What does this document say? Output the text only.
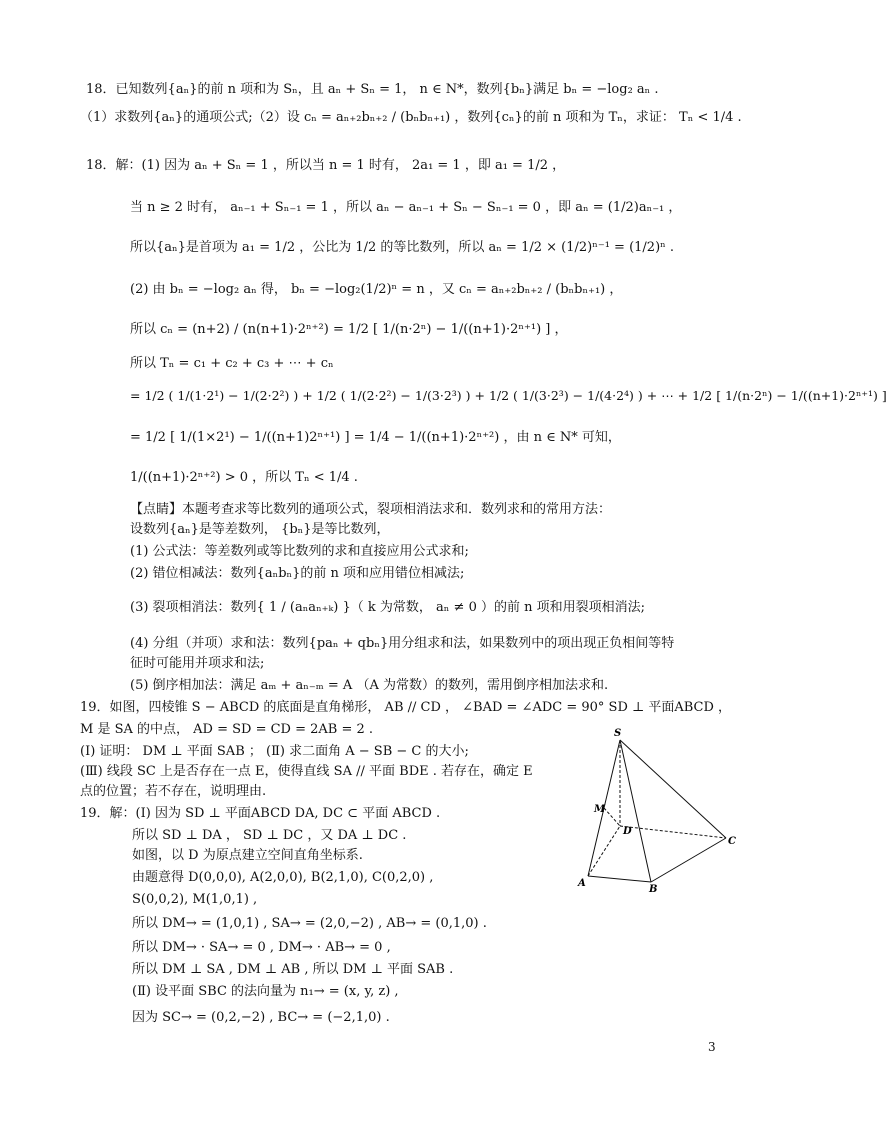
18．已知数列{aₙ}的前 n 项和为 Sₙ，且 aₙ + Sₙ = 1， n ∈ N*，数列{bₙ}满足 bₙ = −log₂ aₙ .
（1）求数列{aₙ}的通项公式;（2）设 cₙ = aₙ₊₂bₙ₊₂ / (bₙbₙ₊₁) ，数列{cₙ}的前 n 项和为 Tₙ，求证： Tₙ < 1/4 .
18．解：(1) 因为 aₙ + Sₙ = 1 ，所以当 n = 1 时有， 2a₁ = 1 ，即 a₁ = 1/2 ，
当 n ≥ 2 时有， aₙ₋₁ + Sₙ₋₁ = 1 ，所以 aₙ − aₙ₋₁ + Sₙ − Sₙ₋₁ = 0 ，即 aₙ = (1/2)aₙ₋₁ ，
所以{aₙ}是首项为 a₁ = 1/2 ，公比为 1/2 的等比数列，所以 aₙ = 1/2 × (1/2)ⁿ⁻¹ = (1/2)ⁿ .
(2) 由 bₙ = −log₂ aₙ 得， bₙ = −log₂(1/2)ⁿ = n ，又 cₙ = aₙ₊₂bₙ₊₂ / (bₙbₙ₊₁) ，
所以 cₙ = (n+2) / (n(n+1)·2ⁿ⁺²) = 1/2 [ 1/(n·2ⁿ) − 1/((n+1)·2ⁿ⁺¹) ] ，
所以 Tₙ = c₁ + c₂ + c₃ + ⋯ + cₙ
= 1/2 ( 1/(1·2¹) − 1/(2·2²) ) + 1/2 ( 1/(2·2²) − 1/(3·2³) ) + 1/2 ( 1/(3·2³) − 1/(4·2⁴) ) + ⋯ + 1/2 [ 1/(n·2ⁿ) − 1/((n+1)·2ⁿ⁺¹) ]
= 1/2 [ 1/(1×2¹) − 1/((n+1)2ⁿ⁺¹) ] = 1/4 − 1/((n+1)·2ⁿ⁺²) ，由 n ∈ N* 可知，
1/((n+1)·2ⁿ⁺²) > 0 ，所以 Tₙ < 1/4 .
【点睛】本题考查求等比数列的通项公式，裂项相消法求和．数列求和的常用方法：
设数列{aₙ}是等差数列， {bₙ}是等比数列，
(1) 公式法：等差数列或等比数列的求和直接应用公式求和;
(2) 错位相减法：数列{aₙbₙ}的前 n 项和应用错位相减法;
(3) 裂项相消法：数列{ 1 / (aₙaₙ₊ₖ) }（ k 为常数， aₙ ≠ 0 ）的前 n 项和用裂项相消法;
(4) 分组（并项）求和法：数列{paₙ + qbₙ}用分组求和法，如果数列中的项出现正负相间等特
征时可能用并项求和法;
(5) 倒序相加法：满足 aₘ + aₙ₋ₘ = A （A 为常数）的数列，需用倒序相加法求和.
19．如图，四棱锥 S − ABCD 的底面是直角梯形， AB // CD ， ∠BAD = ∠ADC = 90° SD ⊥ 平面ABCD ，
M 是 SA 的中点， AD = SD = CD = 2AB = 2 .
(Ⅰ) 证明： DM ⊥ 平面 SAB ； (Ⅱ) 求二面角 A − SB − C 的大小;
(Ⅲ) 线段 SC 上是否存在一点 E，使得直线 SA // 平面 BDE . 若存在，确定 E
点的位置；若不存在，说明理由.
19．解：(Ⅰ) 因为 SD ⊥ 平面ABCD DA, DC ⊂ 平面 ABCD .
所以 SD ⊥ DA ， SD ⊥ DC ，又 DA ⊥ DC .
如图，以 D 为原点建立空间直角坐标系.
由题意得 D(0,0,0), A(2,0,0), B(2,1,0), C(0,2,0) ,
S(0,0,2), M(1,0,1) ,
所以 DM→ = (1,0,1) , SA→ = (2,0,−2) , AB→ = (0,1,0) .
所以 DM→ · SA→ = 0 , DM→ · AB→ = 0 ,
所以 DM ⊥ SA , DM ⊥ AB , 所以 DM ⊥ 平面 SAB .
(Ⅱ) 设平面 SBC 的法向量为 n₁→ = (x, y, z) ,
因为 SC→ = (0,2,−2) , BC→ = (−2,1,0) .
S
M
D
A
B
C
3
